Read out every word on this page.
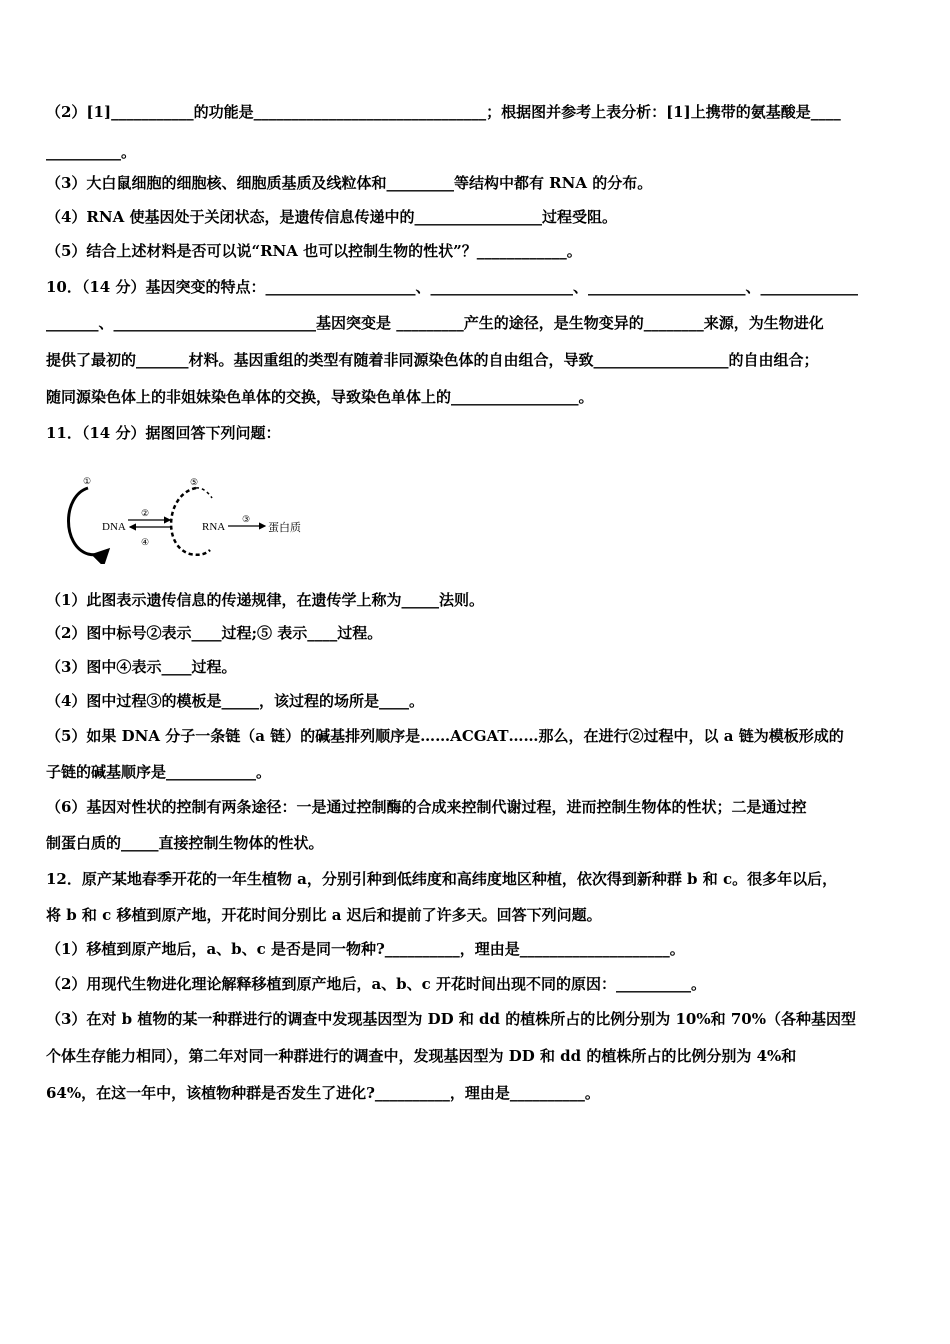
（2）[1]___________的功能是_______________________________；根据图并参考上表分析：[1]上携带的氨基酸是____
__________。
（3）大白鼠细胞的细胞核、细胞质基质及线粒体和_________等结构中都有 RNA 的分布。
（4）RNA 使基因处于关闭状态，是遗传信息传递中的_________________过程受阻。
（5）结合上述材料是否可以说“RNA 也可以控制生物的性状”？____________。
10．（14 分）基因突变的特点：____________________、___________________、_____________________、_____________
_______、___________________________基因突变是 _________产生的途径，是生物变异的________来源，为生物进化
提供了最初的_______材料。基因重组的类型有随着非同源染色体的自由组合，导致__________________的自由组合；
随同源染色体上的非姐妹染色单体的交换，导致染色单体上的_________________。
11．（14 分）据图回答下列问题：
①
DNA
②
④
⑤
RNA
③
蛋白质
（1）此图表示遗传信息的传递规律，在遗传学上称为_____法则。
（2）图中标号②表示____过程;⑤ 表示____过程。
（3）图中④表示____过程。
（4）图中过程③的模板是_____，该过程的场所是____。
（5）如果 DNA 分子一条链（a 链）的碱基排列顺序是……ACGAT……那么，在进行②过程中，以 a 链为模板形成的
子链的碱基顺序是____________。
（6）基因对性状的控制有两条途径：一是通过控制酶的合成来控制代谢过程，进而控制生物体的性状；二是通过控
制蛋白质的_____直接控制生物体的性状。
12．原产某地春季开花的一年生植物 a，分别引种到低纬度和高纬度地区种植，依次得到新种群 b 和 c。很多年以后，
将 b 和 c 移植到原产地，开花时间分别比 a 迟后和提前了许多天。回答下列问题。
（1）移植到原产地后，a、b、c 是否是同一物种?__________，理由是____________________。
（2）用现代生物进化理论解释移植到原产地后，a、b、c 开花时间出现不同的原因：__________。
（3）在对 b 植物的某一种群进行的调查中发现基因型为 DD 和 dd 的植株所占的比例分别为 10%和 70%（各种基因型
个体生存能力相同），第二年对同一种群进行的调查中，发现基因型为 DD 和 dd 的植株所占的比例分别为 4%和
64%，在这一年中，该植物种群是否发生了进化?__________，理由是__________。
